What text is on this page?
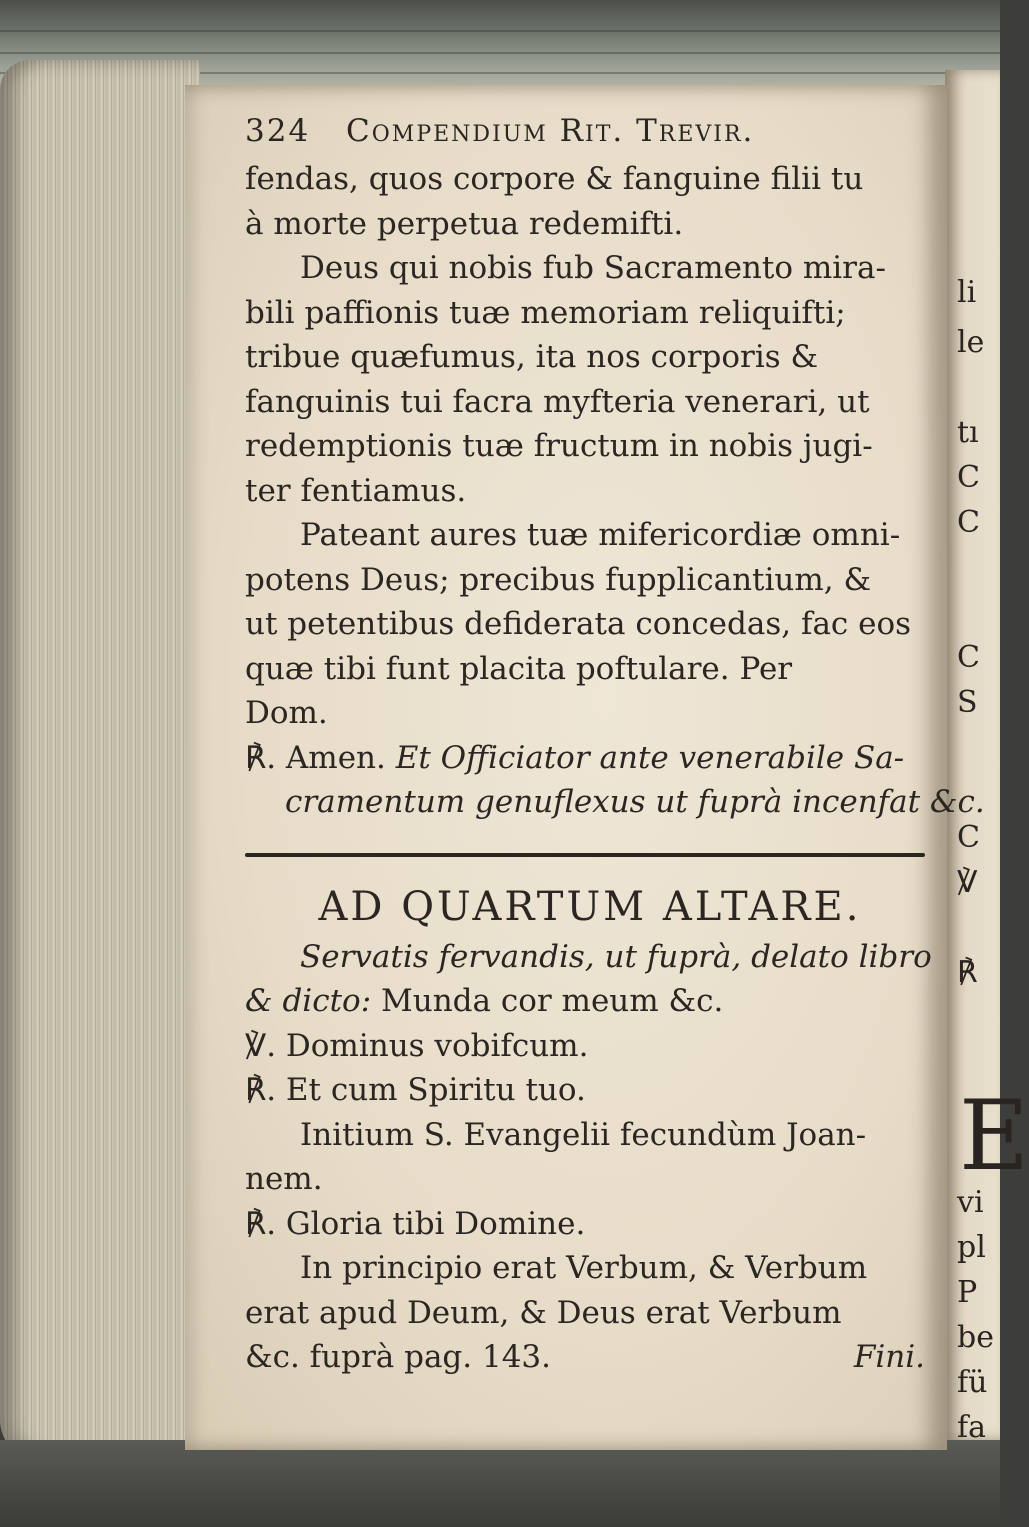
li
le
tı
C
C
C
S
C
℣
℟
E
vi
pl
P
be
fü
fa
324 Compendium Rit. Trevir.
fendas, quos corpore & fanguine filii tu
à morte perpetua redemifti.
Deus qui nobis fub Sacramento mira-
bili paffionis tuæ memoriam reliquifti;
tribue quæfumus, ita nos corporis &
fanguinis tui facra myfteria venerari, ut
redemptionis tuæ fructum in nobis jugi-
ter fentiamus.
Pateant aures tuæ mifericordiæ omni-
potens Deus; precibus fupplicantium, &
ut petentibus defiderata concedas, fac eos
quæ tibi funt placita poftulare. Per
Dom.
℟. Amen. Et Officiator ante venerabile Sa-
cramentum genuflexus ut fuprà incenfat &c.
AD QUARTUM ALTARE.
Servatis fervandis, ut fuprà, delato libro
& dicto: Munda cor meum &c.
℣. Dominus vobifcum.
℟. Et cum Spiritu tuo.
Initium S. Evangelii fecundùm Joan-
nem.
℟. Gloria tibi Domine.
In principio erat Verbum, & Verbum
erat apud Deum, & Deus erat Verbum
&c. fuprà pag. 143.	Fini.
